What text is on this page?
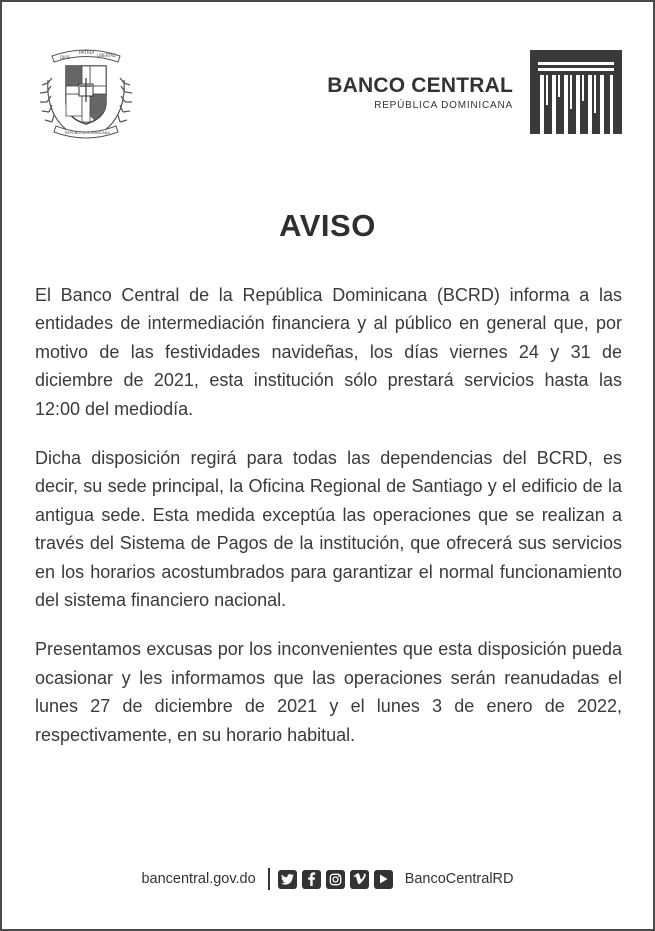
DIOS
PATRIA LIBERTAD
REPÚBLICA DOMINICANA
BANCO CENTRAL
REPÚBLICA DOMINICANA
AVISO

El Banco Central de la República Dominicana (BCRD) informa a las entidades de intermediación financiera y al público en general que, por motivo de las festividades navideñas, los días viernes 24 y 31 de diciembre de 2021, esta institución sólo prestará servicios hasta las 12:00 del mediodía.

Dicha disposición regirá para todas las dependencias del BCRD, es decir, su sede principal, la Oficina Regional de Santiago y el edificio de la antigua sede. Esta medida exceptúa las operaciones que se realizan a través del Sistema de Pagos de la institución, que ofrecerá sus servicios en los horarios acostumbrados para garantizar el normal funcionamiento del sistema financiero nacional.

Presentamos excusas por los inconvenientes que esta disposición pueda ocasionar y les informamos que las operaciones serán reanudadas el lunes 27 de diciembre de 2021 y el lunes 3 de enero de 2022, respectivamente, en su horario habitual.

bancentral.gov.do	BancoCentralRD
